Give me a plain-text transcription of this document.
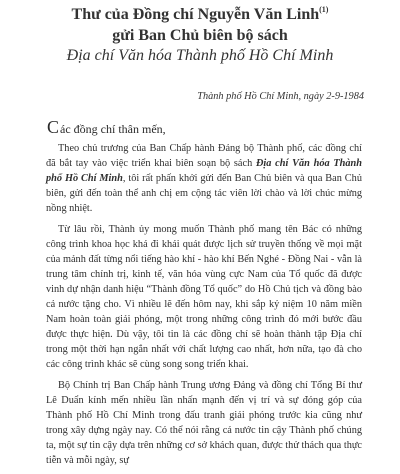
Thư của Đồng chí Nguyễn Văn Linh$^{(1)}$
gửi Ban Chủ biên bộ sách
Địa chí Văn hóa Thành phố Hồ Chí Minh
Thành phố Hồ Chí Minh, ngày 2-9-1984
Các đồng chí thân mến,

Theo chủ trương của Ban Chấp hành Đảng bộ Thành phố, các đồng chí đã bắt tay vào việc triển khai biên soạn bộ sách Địa chí Văn hóa Thành phố Hồ Chí Minh, tôi rất phấn khởi gửi đến Ban Chủ biên và qua Ban Chủ biên, gửi đến toàn thể anh chị em cộng tác viên lời chào và lời chúc mừng nồng nhiệt.

Từ lâu rồi, Thành ủy mong muốn Thành phố mang tên Bác có những công trình khoa học khá đi khái quát được lịch sử truyền thống về mọi mặt của mảnh đất từng nổi tiếng hào khí - hào khí Bến Nghé - Đồng Nai - vẫn là trung tâm chính trị, kinh tế, văn hóa vùng cực Nam của Tổ quốc đã được vinh dự nhận danh hiệu “Thành đồng Tổ quốc” do Hồ Chủ tịch và đồng bào cả nước tặng cho. Vì nhiều lẽ đến hôm nay, khi sắp kỷ niệm 10 năm miền Nam hoàn toàn giải phóng, một trong những công trình đó mới bước đầu được thực hiện. Dù vậy, tôi tin là các đồng chí sẽ hoàn thành tập Địa chí trong một thời hạn ngắn nhất với chất lượng cao nhất, hơn nữa, tạo đà cho các công trình khác sẽ cùng song song triển khai.

Bộ Chính trị Ban Chấp hành Trung ương Đảng và đồng chí Tổng Bí thư Lê Duẩn kính mến nhiều lần nhấn mạnh đến vị trí và sự đóng góp của Thành phố Hồ Chí Minh trong đấu tranh giải phóng trước kia cũng như trong xây dựng ngày nay. Có thể nói rằng cả nước tin cậy Thành phố chúng ta, một sự tin cậy dựa trên những cơ sở khách quan, được thử thách qua thực tiễn và mỗi ngày, sự
